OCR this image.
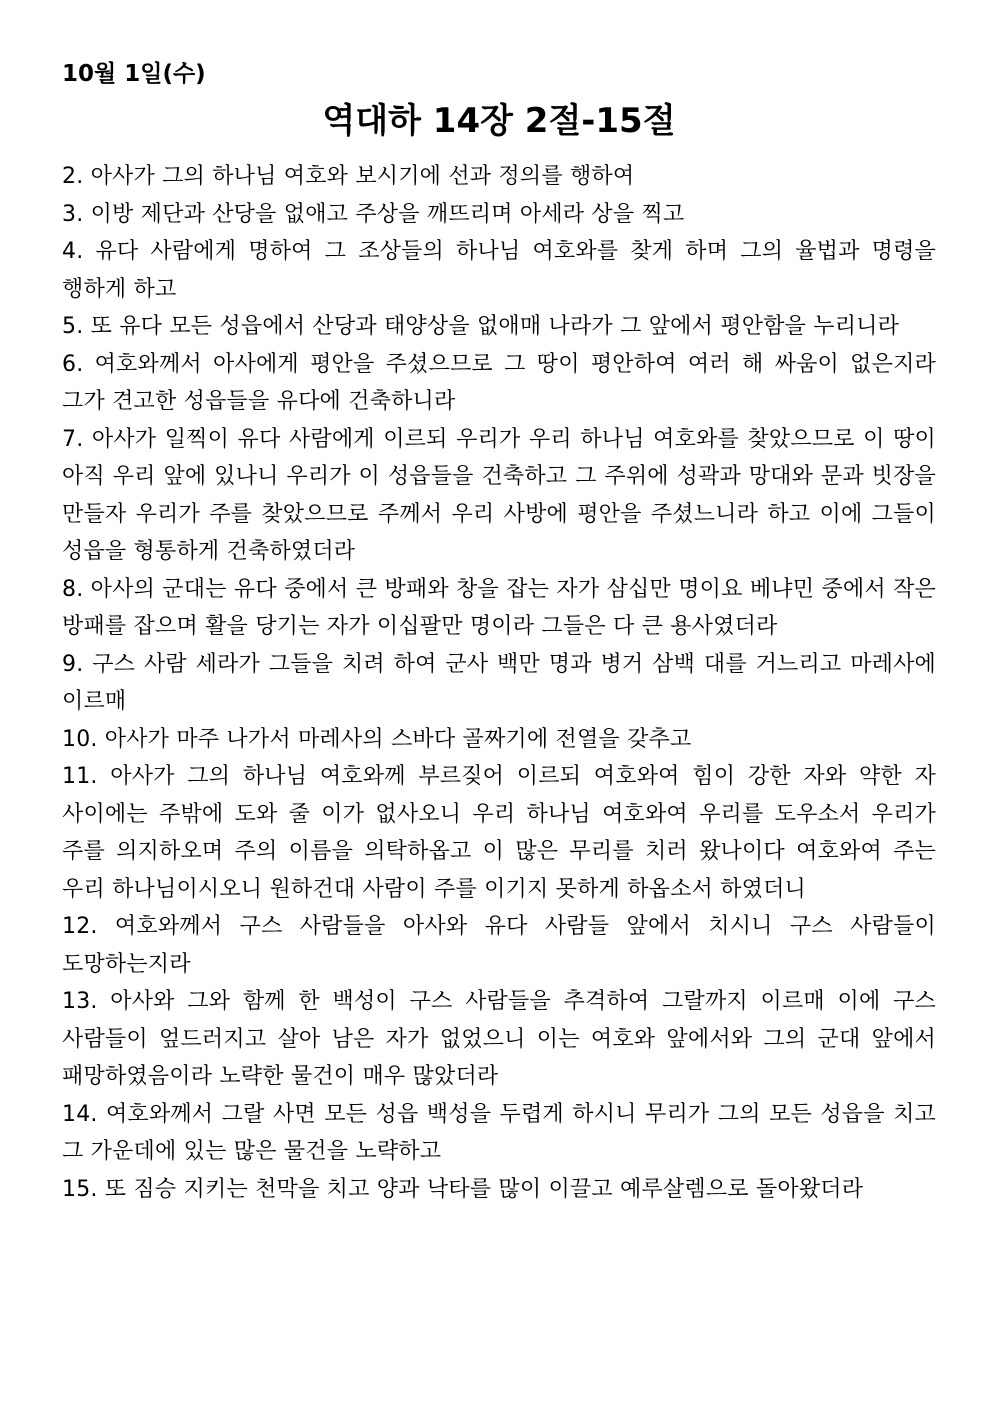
10월 1일(수)
역대하 14장 2절-15절

2. 아사가 그의 하나님 여호와 보시기에 선과 정의를 행하여

3. 이방 제단과 산당을 없애고 주상을 깨뜨리며 아세라 상을 찍고

4. 유다 사람에게 명하여 그 조상들의 하나님 여호와를 찾게 하며 그의 율법과 명령을 행하게 하고

5. 또 유다 모든 성읍에서 산당과 태양상을 없애매 나라가 그 앞에서 평안함을 누리니라

6. 여호와께서 아사에게 평안을 주셨으므로 그 땅이 평안하여 여러 해 싸움이 없은지라 그가 견고한 성읍들을 유다에 건축하니라

7. 아사가 일찍이 유다 사람에게 이르되 우리가 우리 하나님 여호와를 찾았으므로 이 땅이 아직 우리 앞에 있나니 우리가 이 성읍들을 건축하고 그 주위에 성곽과 망대와 문과 빗장을 만들자 우리가 주를 찾았으므로 주께서 우리 사방에 평안을 주셨느니라 하고 이에 그들이 성읍을 형통하게 건축하였더라

8. 아사의 군대는 유다 중에서 큰 방패와 창을 잡는 자가 삼십만 명이요 베냐민 중에서 작은 방패를 잡으며 활을 당기는 자가 이십팔만 명이라 그들은 다 큰 용사였더라

9. 구스 사람 세라가 그들을 치려 하여 군사 백만 명과 병거 삼백 대를 거느리고 마레사에 이르매

10. 아사가 마주 나가서 마레사의 스바다 골짜기에 전열을 갖추고

11. 아사가 그의 하나님 여호와께 부르짖어 이르되 여호와여 힘이 강한 자와 약한 자 사이에는 주밖에 도와 줄 이가 없사오니 우리 하나님 여호와여 우리를 도우소서 우리가 주를 의지하오며 주의 이름을 의탁하옵고 이 많은 무리를 치러 왔나이다 여호와여 주는 우리 하나님이시오니 원하건대 사람이 주를 이기지 못하게 하옵소서 하였더니

12. 여호와께서 구스 사람들을 아사와 유다 사람들 앞에서 치시니 구스 사람들이 도망하는지라

13. 아사와 그와 함께 한 백성이 구스 사람들을 추격하여 그랄까지 이르매 이에 구스 사람들이 엎드러지고 살아 남은 자가 없었으니 이는 여호와 앞에서와 그의 군대 앞에서 패망하였음이라 노략한 물건이 매우 많았더라

14. 여호와께서 그랄 사면 모든 성읍 백성을 두렵게 하시니 무리가 그의 모든 성읍을 치고 그 가운데에 있는 많은 물건을 노략하고

15. 또 짐승 지키는 천막을 치고 양과 낙타를 많이 이끌고 예루살렘으로 돌아왔더라
